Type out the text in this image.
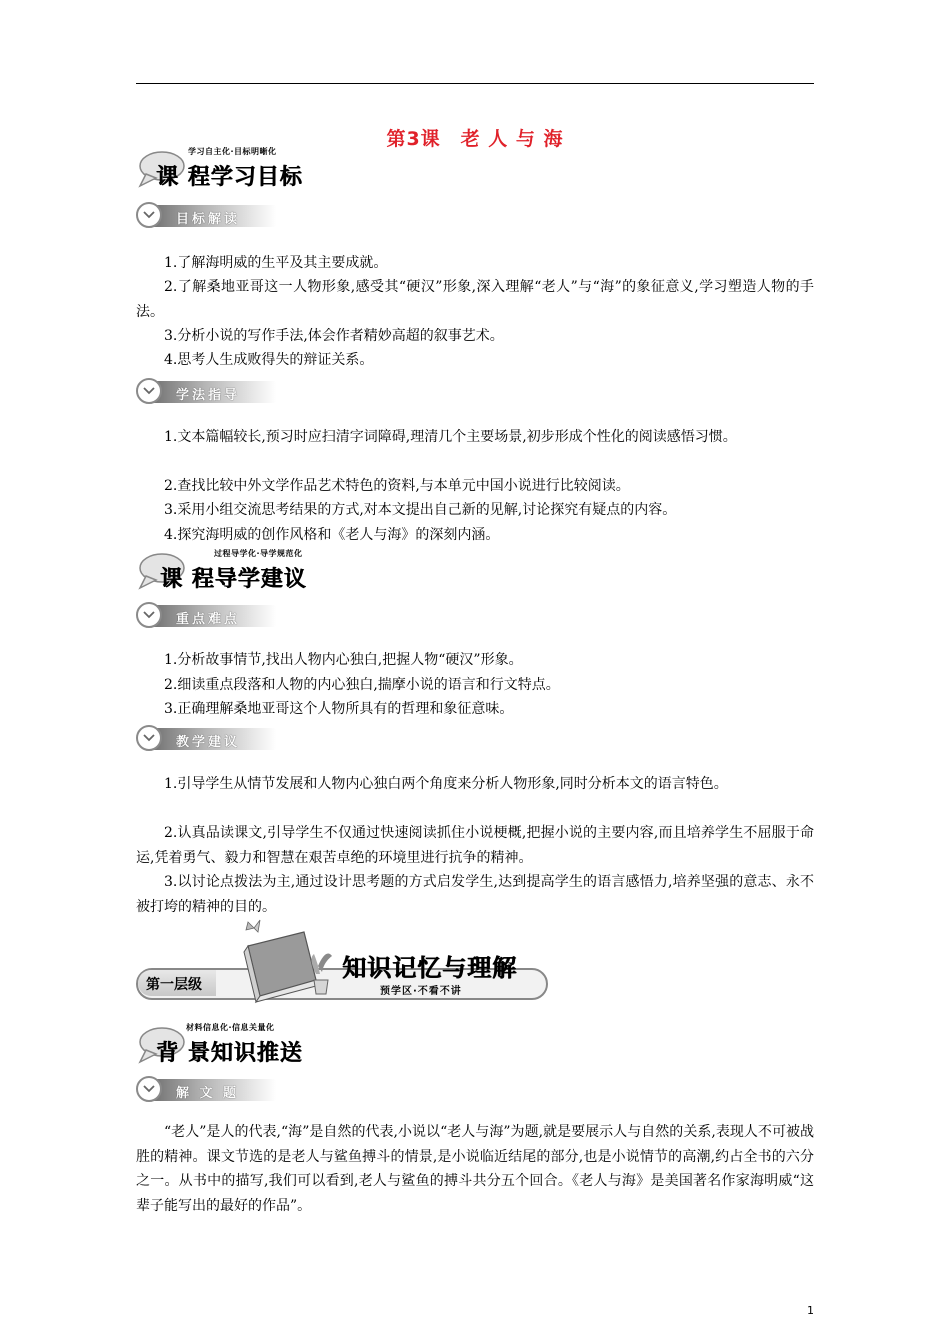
第3课　老 人 与 海
学习自主化·目标明晰化
课 程学习目标
目标解读

1.了解海明威的生平及其主要成就。

2.了解桑地亚哥这一人物形象,感受其“硬汉”形象,深入理解“老人”与“海”的象征意义,学习塑造人物的手法。

3.分析小说的写作手法,体会作者精妙高超的叙事艺术。

4.思考人生成败得失的辩证关系。

学法指导

1.文本篇幅较长,预习时应扫清字词障碍,理清几个主要场景,初步形成个性化的阅读感悟习惯。

2.查找比较中外文学作品艺术特色的资料,与本单元中国小说进行比较阅读。

3.采用小组交流思考结果的方式,对本文提出自己新的见解,讨论探究有疑点的内容。

4.探究海明威的创作风格和《老人与海》的深刻内涵。

过程导学化·导学规范化
课 程导学建议
重点难点

1.分析故事情节,找出人物内心独白,把握人物“硬汉”形象。

2.细读重点段落和人物的内心独白,揣摩小说的语言和行文特点。

3.正确理解桑地亚哥这个人物所具有的哲理和象征意味。

教学建议

1.引导学生从情节发展和人物内心独白两个角度来分析人物形象,同时分析本文的语言特色。

2.认真品读课文,引导学生不仅通过快速阅读抓住小说梗概,把握小说的主要内容,而且培养学生不屈服于命运,凭着勇气、毅力和智慧在艰苦卓绝的环境里进行抗争的精神。

3.以讨论点拨法为主,通过设计思考题的方式启发学生,达到提高学生的语言感悟力,培养坚强的意志、永不被打垮的精神的目的。

第一层级
知识记忆与理解
预学区·不看不讲
材料信息化·信息关量化
背 景知识推送
解 文 题

“老人”是人的代表,“海”是自然的代表,小说以“老人与海”为题,就是要展示人与自然的关系,表现人不可被战胜的精神。课文节选的是老人与鲨鱼搏斗的情景,是小说临近结尾的部分,也是小说情节的高潮,约占全书的六分之一。从书中的描写,我们可以看到,老人与鲨鱼的搏斗共分五个回合。《老人与海》是美国著名作家海明威“这辈子能写出的最好的作品”。

1
